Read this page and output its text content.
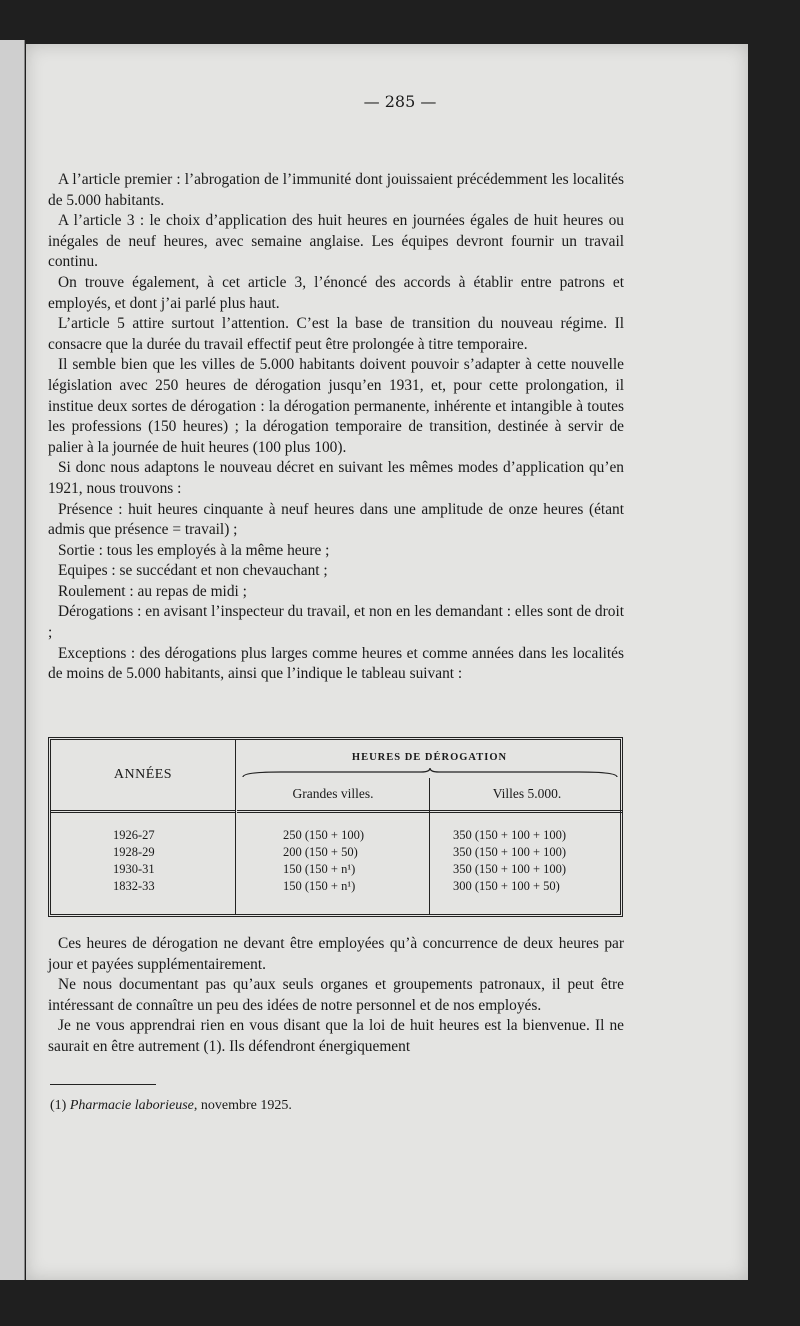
— 285 —

A l’article premier : l’abrogation de l’immunité dont jouissaient précédemment les localités de 5.000 habitants.

A l’article 3 : le choix d’application des huit heures en journées égales de huit heures ou inégales de neuf heures, avec semaine anglaise. Les équipes devront fournir un travail continu.

On trouve également, à cet article 3, l’énoncé des accords à établir entre patrons et employés, et dont j’ai parlé plus haut.

L’article 5 attire surtout l’attention. C’est la base de transition du nouveau régime. Il consacre que la durée du travail effectif peut être prolongée à titre temporaire.

Il semble bien que les villes de 5.000 habitants doivent pouvoir s’adapter à cette nouvelle législation avec 250 heures de dérogation jusqu’en 1931, et, pour cette prolongation, il institue deux sortes de dérogation : la dérogation permanente, inhérente et intangible à toutes les professions (150 heures) ; la dérogation temporaire de transition, destinée à servir de palier à la journée de huit heures (100 plus 100).

Si donc nous adaptons le nouveau décret en suivant les mêmes modes d’application qu’en 1921, nous trouvons :

Présence : huit heures cinquante à neuf heures dans une amplitude de onze heures (étant admis que présence = travail) ;

Sortie : tous les employés à la même heure ;

Equipes : se succédant et non chevauchant ;

Roulement : au repas de midi ;

Dérogations : en avisant l’inspecteur du travail, et non en les demandant : elles sont de droit ;

Exceptions : des dérogations plus larges comme heures et comme années dans les localités de moins de 5.000 habitants, ainsi que l’indique le tableau suivant :

ANNÉES
HEURES DE DÉROGATION
Grandes villes.	Villes 5.000.
1926-27	250 (150 + 100)	350 (150 + 100 + 100)
1928-29	200 (150 + 50)	350 (150 + 100 + 100)
1930-31	150 (150 + n¹)	350 (150 + 100 + 100)
1832-33	150 (150 + n¹)	300 (150 + 100 + 50)

Ces heures de dérogation ne devant être employées qu’à concurrence de deux heures par jour et payées supplémentairement.

Ne nous documentant pas qu’aux seuls organes et groupements patronaux, il peut être intéressant de connaître un peu des idées de notre personnel et de nos employés.

Je ne vous apprendrai rien en vous disant que la loi de huit heures est la bienvenue. Il ne saurait en être autrement (1). Ils défendront énergiquement

(1) Pharmacie laborieuse, novembre 1925.
